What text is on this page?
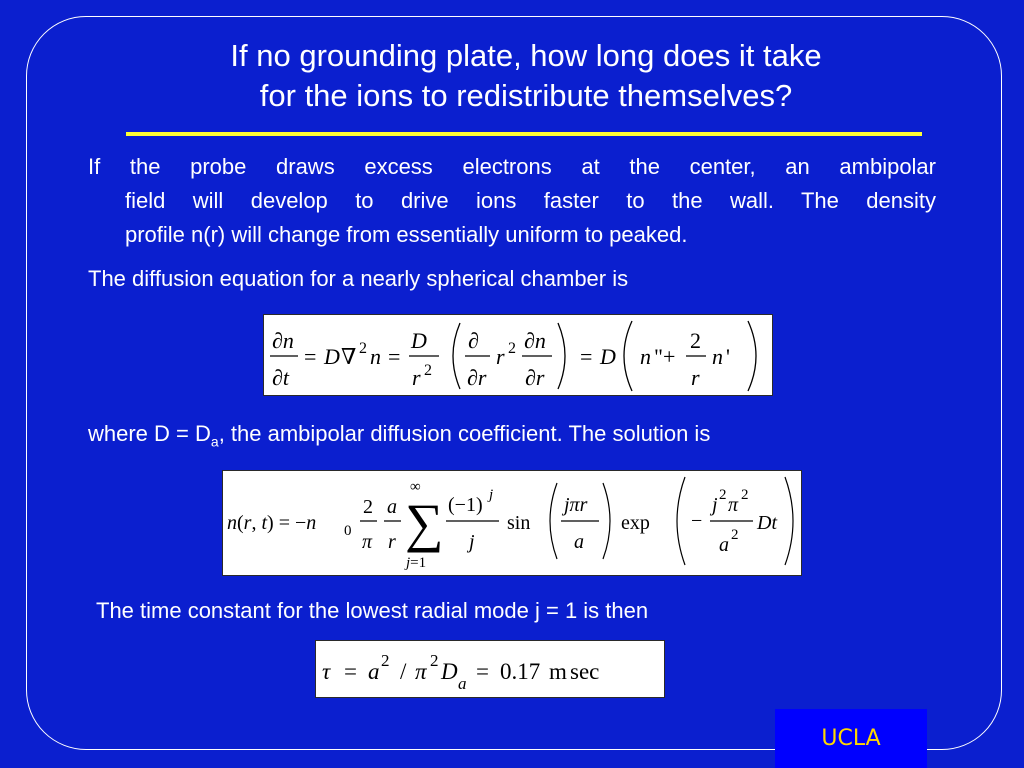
If no grounding plate, how long does it take
for the ions to redistribute themselves?
If the probe draws excess electrons at the center, an ambipolar
field will develop to drive ions faster to the wall. The density
profile n(r) will change from essentially uniform to peaked.
The diffusion equation for a nearly spherical chamber is
∂n
∂t
= D ∇ 2 n =
D
r 2
∂
∂r
r 2 ∂n
∂r
= D n "+
2
r
n '
where $D = D_a$, the ambipolar diffusion coefficient. The solution is
n(r, t) = −n 0
2
π
a
r
∞
∑
j=1
(−1) j
j
sin
jπr
a
exp −
j 2 π 2
a 2
Dt
The time constant for the lowest radial mode j = 1 is then
τ = a 2 / π 2 D a = 0.17 m sec
UCLA
